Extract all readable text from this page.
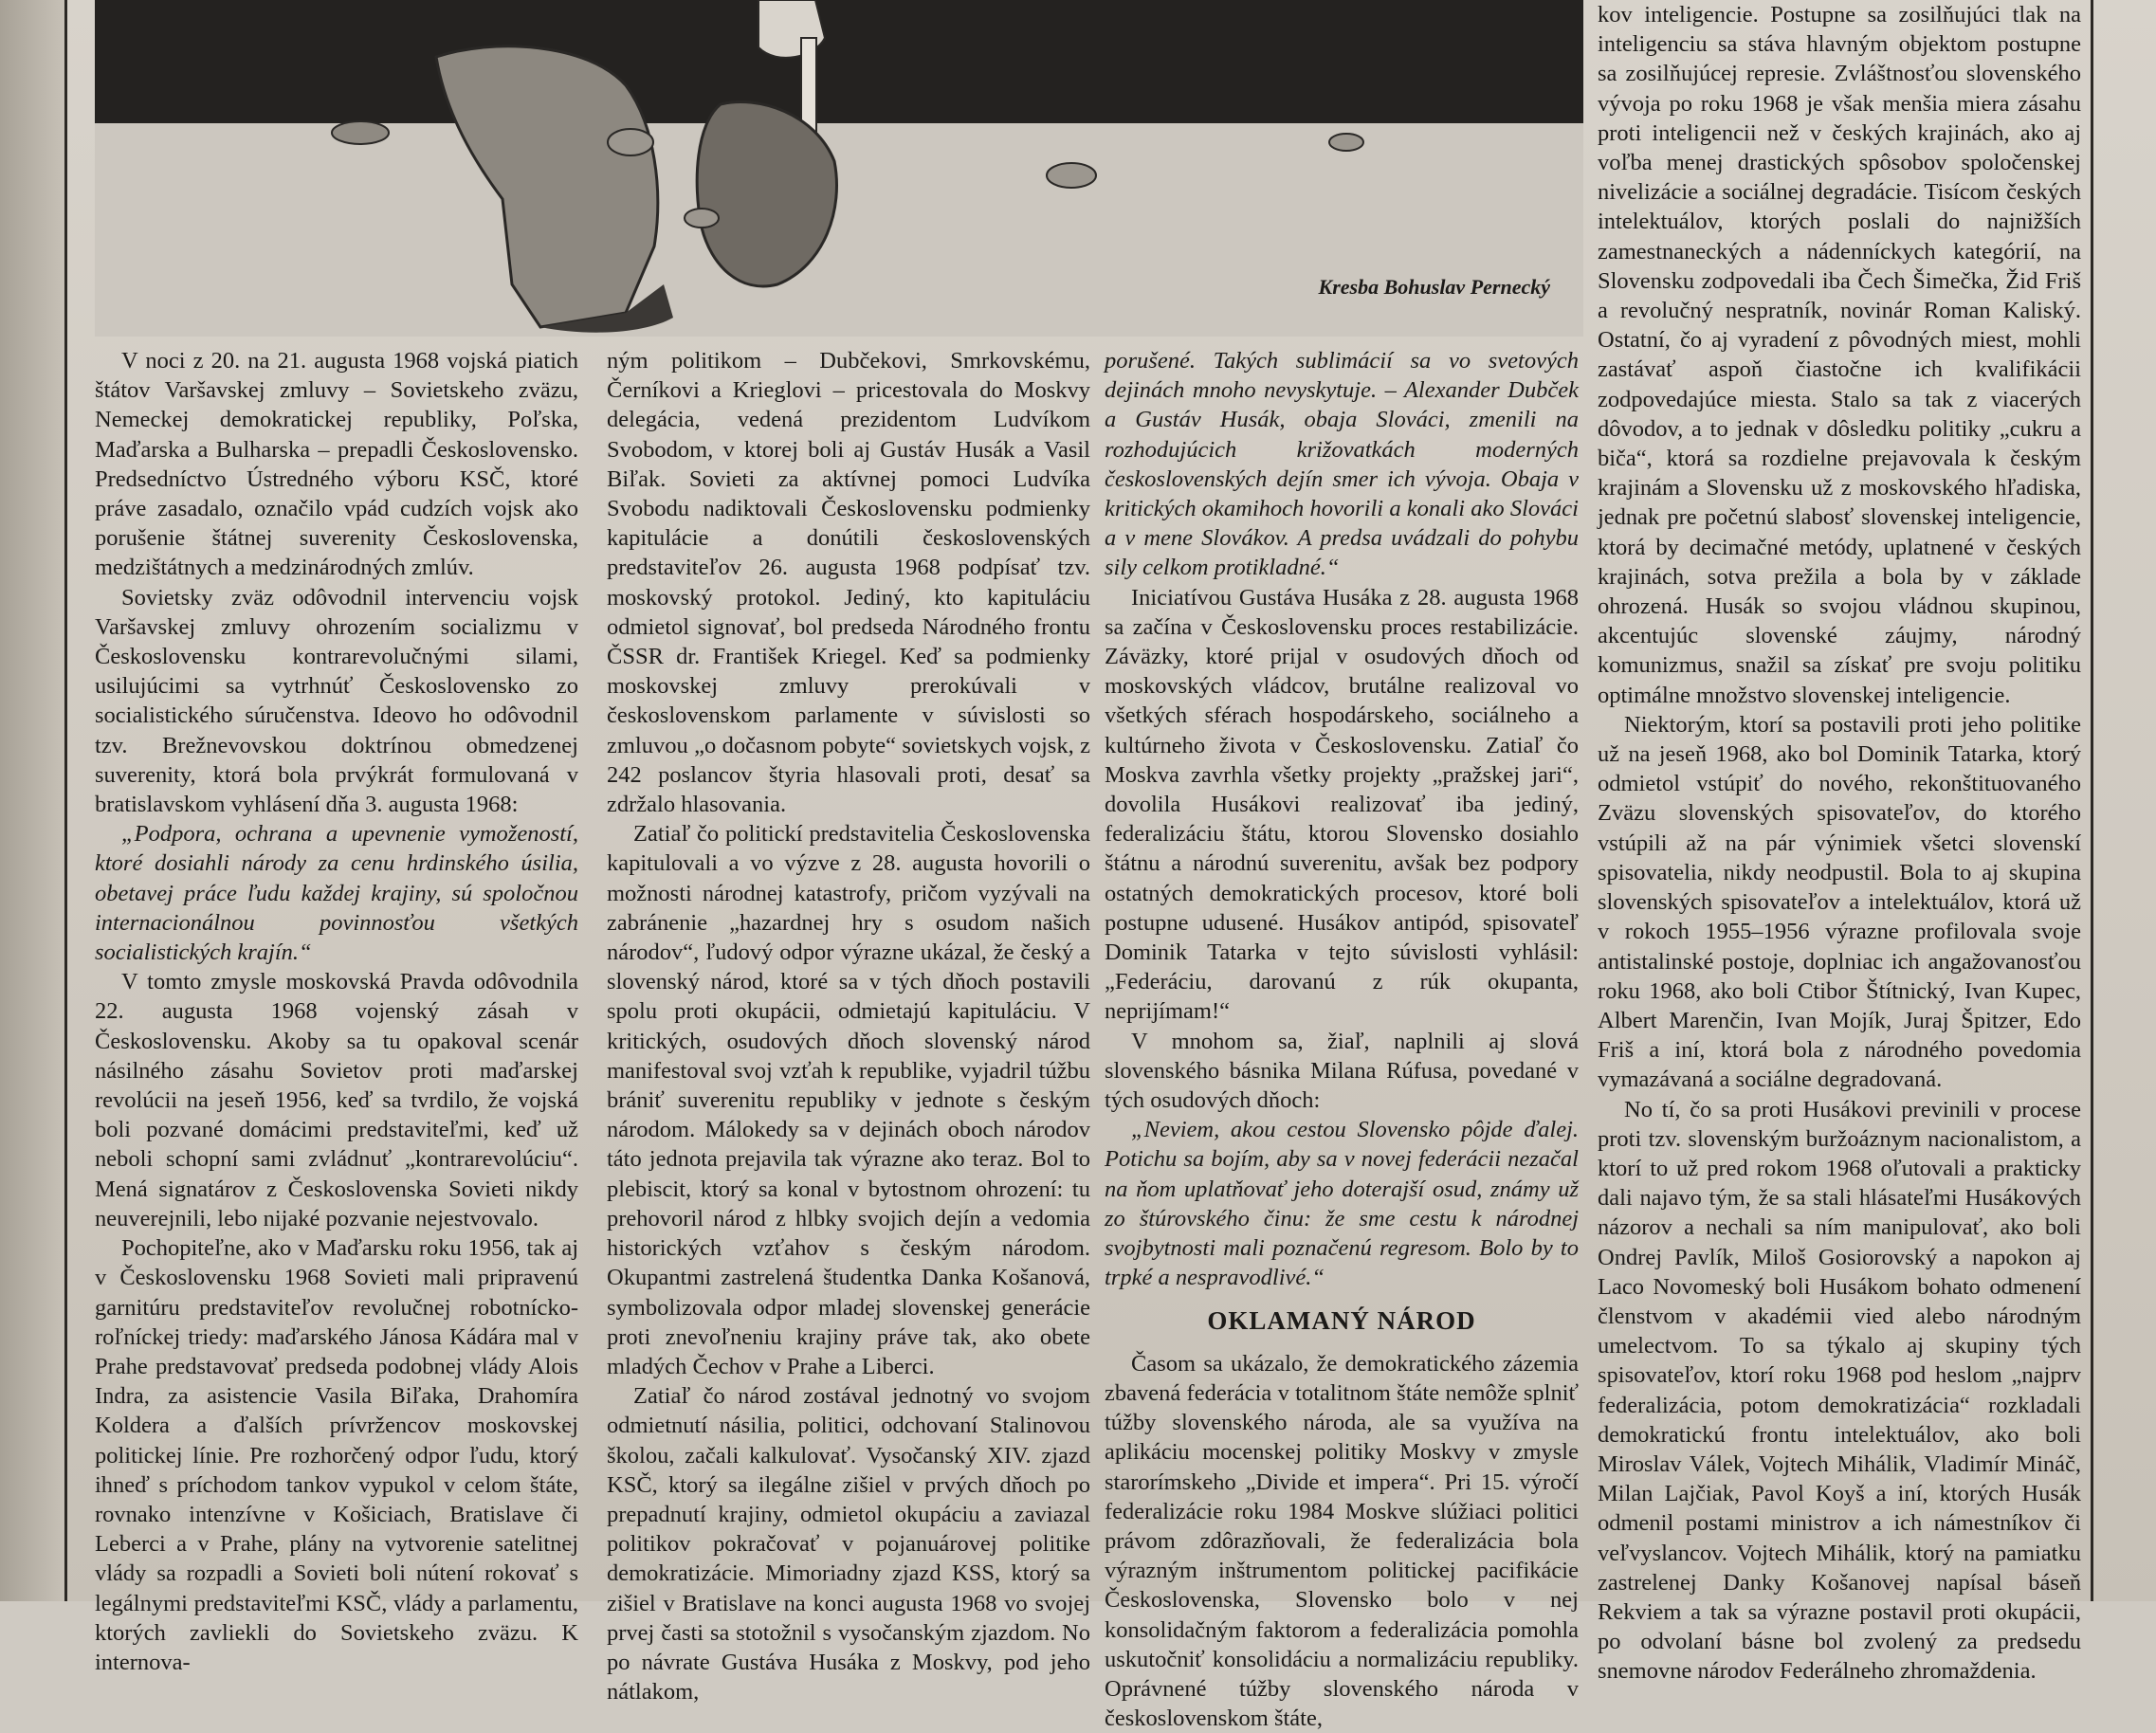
Kresba Bohuslav Pernecký

V noci z 20. na 21. augusta 1968 vojská piatich štátov Varšavskej zmluvy – Sovietskeho zväzu, Nemeckej demokratickej republiky, Poľska, Maďarska a Bulharska – prepadli Československo. Predsedníctvo Ústredného výboru KSČ, ktoré práve zasadalo, označilo vpád cudzích vojsk ako porušenie štátnej suverenity Československa, medzištátnych a medzinárodných zmlúv.

Sovietsky zväz odôvodnil intervenciu vojsk Varšavskej zmluvy ohrozením socializmu v Československu kontrarevolučnými silami, usilujúcimi sa vytrhnúť Československo zo socialistického súručenstva. Ideovo ho odôvodnil tzv. Brežnevovskou doktrínou obmedzenej suverenity, ktorá bola prvýkrát formulovaná v bratislavskom vyhlásení dňa 3. augusta 1968:

„Podpora, ochrana a upevnenie vymožeností, ktoré dosiahli národy za cenu hrdinského úsilia, obetavej práce ľudu každej krajiny, sú spoločnou internacionálnou povinnosťou všetkých socialistických krajín.“

V tomto zmysle moskovská Pravda odôvodnila 22. augusta 1968 vojenský zásah v Československu. Akoby sa tu opakoval scenár násilného zásahu Sovietov proti maďarskej revolúcii na jeseň 1956, keď sa tvrdilo, že vojská boli pozvané domácimi predstaviteľmi, keď už neboli schopní sami zvládnuť „kontrarevolúciu“. Mená signatárov z Československa Sovieti nikdy neuverejnili, lebo nijaké pozvanie nejestvovalo.

Pochopiteľne, ako v Maďarsku roku 1956, tak aj v Československu 1968 Sovieti mali pripravenú garnitúru predstaviteľov revolučnej robotnícko-roľníckej triedy: maďarského Jánosa Kádára mal v Prahe predstavovať predseda podobnej vlády Alois Indra, za asistencie Vasila Biľaka, Drahomíra Koldera a ďalších prívržencov moskovskej politickej línie. Pre rozhorčený odpor ľudu, ktorý ihneď s príchodom tankov vypukol v celom štáte, rovnako intenzívne v Košiciach, Bratislave či Leberci a v Prahe, plány na vytvorenie satelitnej vlády sa rozpadli a Sovieti boli nútení rokovať s legálnymi predstaviteľmi KSČ, vlády a parlamentu, ktorých zavliekli do Sovietskeho zväzu. K internova-

ným politikom – Dubčekovi, Smrkovskému, Černíkovi a Krieglovi – pricestovala do Moskvy delegácia, vedená prezidentom Ludvíkom Svobodom, v ktorej boli aj Gustáv Husák a Vasil Biľak. Sovieti za aktívnej pomoci Ludvíka Svobodu nadiktovali Československu podmienky kapitulácie a donútili československých predstaviteľov 26. augusta 1968 podpísať tzv. moskovský protokol. Jediný, kto kapituláciu odmietol signovať, bol predseda Národného frontu ČSSR dr. František Kriegel. Keď sa podmienky moskovskej zmluvy prerokúvali v československom parlamente v súvislosti so zmluvou „o dočasnom pobyte“ sovietskych vojsk, z 242 poslancov štyria hlasovali proti, desať sa zdržalo hlasovania.

Zatiaľ čo politickí predstavitelia Československa kapitulovali a vo výzve z 28. augusta hovorili o možnosti národnej katastrofy, pričom vyzývali na zabránenie „hazardnej hry s osudom našich národov“, ľudový odpor výrazne ukázal, že český a slovenský národ, ktoré sa v tých dňoch postavili spolu proti okupácii, odmietajú kapituláciu. V kritických, osudových dňoch slovenský národ manifestoval svoj vzťah k republike, vyjadril túžbu brániť suverenitu republiky v jednote s českým národom. Málokedy sa v dejinách oboch národov táto jednota prejavila tak výrazne ako teraz. Bol to plebiscit, ktorý sa konal v bytostnom ohrození: tu prehovoril národ z hlbky svojich dejín a vedomia historických vzťahov s českým národom. Okupantmi zastrelená študentka Danka Košanová, symbolizovala odpor mladej slovenskej generácie proti znevoľneniu krajiny práve tak, ako obete mladých Čechov v Prahe a Liberci.

Zatiaľ čo národ zostával jednotný vo svojom odmietnutí násilia, politici, odchovaní Stalinovou školou, začali kalkulovať. Vysočanský XIV. zjazd KSČ, ktorý sa ilegálne zišiel v prvých dňoch po prepadnutí krajiny, odmietol okupáciu a zaviazal politikov pokračovať v pojanuárovej politike demokratizácie. Mimoriadny zjazd KSS, ktorý sa zišiel v Bratislave na konci augusta 1968 vo svojej prvej časti sa stotožnil s vysočanským zjazdom. No po návrate Gustáva Husáka z Moskvy, pod jeho nátlakom,

porušené. Takých sublimácií sa vo svetových dejinách mnoho nevyskytuje. – Alexander Dubček a Gustáv Husák, obaja Slováci, zmenili na rozhodujúcich križovatkách moderných československých dejín smer ich vývoja. Obaja v kritických okamihoch hovorili a konali ako Slováci a v mene Slovákov. A predsa uvádzali do pohybu sily celkom protikladné.“

Iniciatívou Gustáva Husáka z 28. augusta 1968 sa začína v Československu proces restabilizácie. Záväzky, ktoré prijal v osudových dňoch od moskovských vládcov, brutálne realizoval vo všetkých sférach hospodárskeho, sociálneho a kultúrneho života v Československu. Zatiaľ čo Moskva zavrhla všetky projekty „pražskej jari“, dovolila Husákovi realizovať iba jediný, federalizáciu štátu, ktorou Slovensko dosiahlo štátnu a národnú suverenitu, avšak bez podpory ostatných demokratických procesov, ktoré boli postupne udusené. Husákov antipód, spisovateľ Dominik Tatarka v tejto súvislosti vyhlásil: „Federáciu, darovanú z rúk okupanta, neprijímam!“

V mnohom sa, žiaľ, naplnili aj slová slovenského básnika Milana Rúfusa, povedané v tých osudových dňoch:

„Neviem, akou cestou Slovensko pôjde ďalej. Potichu sa bojím, aby sa v novej federácii nezačal na ňom uplatňovať jeho doterajší osud, známy už zo štúrovského činu: že sme cestu k národnej svojbytnosti mali poznačenú regresom. Bolo by to trpké a nespravodlivé.“

OKLAMANÝ NÁROD

Časom sa ukázalo, že demokratického zázemia zbavená federácia v totalitnom štáte nemôže splniť túžby slovenského národa, ale sa využíva na aplikáciu mocenskej politiky Moskvy v zmysle starorímskeho „Divide et impera“. Pri 15. výročí federalizácie roku 1984 Moskve slúžiaci politici právom zdôrazňovali, že federalizácia bola výrazným inštrumentom politickej pacifikácie Československa, Slovensko bolo v nej konsolidačným faktorom a federalizácia pomohla uskutočniť konsolidáciu a normalizáciu republiky. Oprávnené túžby slovenského národa v československom štáte,

kov inteligencie. Postupne sa zosilňujúci tlak na inteligenciu sa stáva hlavným objektom postupne sa zosilňujúcej represie. Zvláštnosťou slovenského vývoja po roku 1968 je však menšia miera zásahu proti inteligencii než v českých krajinách, ako aj voľba menej drastických spôsobov spoločenskej nivelizácie a sociálnej degradácie. Tisícom českých intelektuálov, ktorých poslali do najnižších zamestnaneckých a nádenníckych kategórií, na Slovensku zodpovedali iba Čech Šimečka, Žid Friš a revolučný nespratník, novinár Roman Kaliský. Ostatní, čo aj vyradení z pôvodných miest, mohli zastávať aspoň čiastočne ich kvalifikácii zodpovedajúce miesta. Stalo sa tak z viacerých dôvodov, a to jednak v dôsledku politiky „cukru a biča“, ktorá sa rozdielne prejavovala k českým krajinám a Slovensku už z moskovského hľadiska, jednak pre početnú slabosť slovenskej inteligencie, ktorá by decimačné metódy, uplatnené v českých krajinách, sotva prežila a bola by v základe ohrozená. Husák so svojou vládnou skupinou, akcentujúc slovenské záujmy, národný komunizmus, snažil sa získať pre svoju politiku optimálne množstvo slovenskej inteligencie.

Niektorým, ktorí sa postavili proti jeho politike už na jeseň 1968, ako bol Dominik Tatarka, ktorý odmietol vstúpiť do nového, rekonštituovaného Zväzu slovenských spisovateľov, do ktorého vstúpili až na pár výnimiek všetci slovenskí spisovatelia, nikdy neodpustil. Bola to aj skupina slovenských spisovateľov a intelektuálov, ktorá už v rokoch 1955–1956 výrazne profilovala svoje antistalinské postoje, doplniac ich angažovanosťou roku 1968, ako boli Ctibor Štítnický, Ivan Kupec, Albert Marenčin, Ivan Mojík, Juraj Špitzer, Edo Friš a iní, ktorá bola z národného povedomia vymazávaná a sociálne degradovaná.

No tí, čo sa proti Husákovi previnili v procese proti tzv. slovenským buržoáznym nacionalistom, a ktorí to už pred rokom 1968 oľutovali a prakticky dali najavo tým, že sa stali hlásateľmi Husákových názorov a nechali sa ním manipulovať, ako boli Ondrej Pavlík, Miloš Gosiorovský a napokon aj Laco Novomeský boli Husákom bohato odmenení členstvom v akadémii vied alebo národným umelectvom. To sa týkalo aj skupiny tých spisovateľov, ktorí roku 1968 pod heslom „najprv federalizácia, potom demokratizácia“ rozkladali demokratickú frontu intelektuálov, ako boli Miroslav Válek, Vojtech Mihálik, Vladimír Mináč, Milan Lajčiak, Pavol Koyš a iní, ktorých Husák odmenil postami ministrov a ich námestníkov či veľvyslancov. Vojtech Mihálik, ktorý na pamiatku zastrelenej Danky Košanovej napísal báseň Rekviem a tak sa výrazne postavil proti okupácii, po odvolaní básne bol zvolený za predsedu snemovne národov Federálneho zhromaždenia.
